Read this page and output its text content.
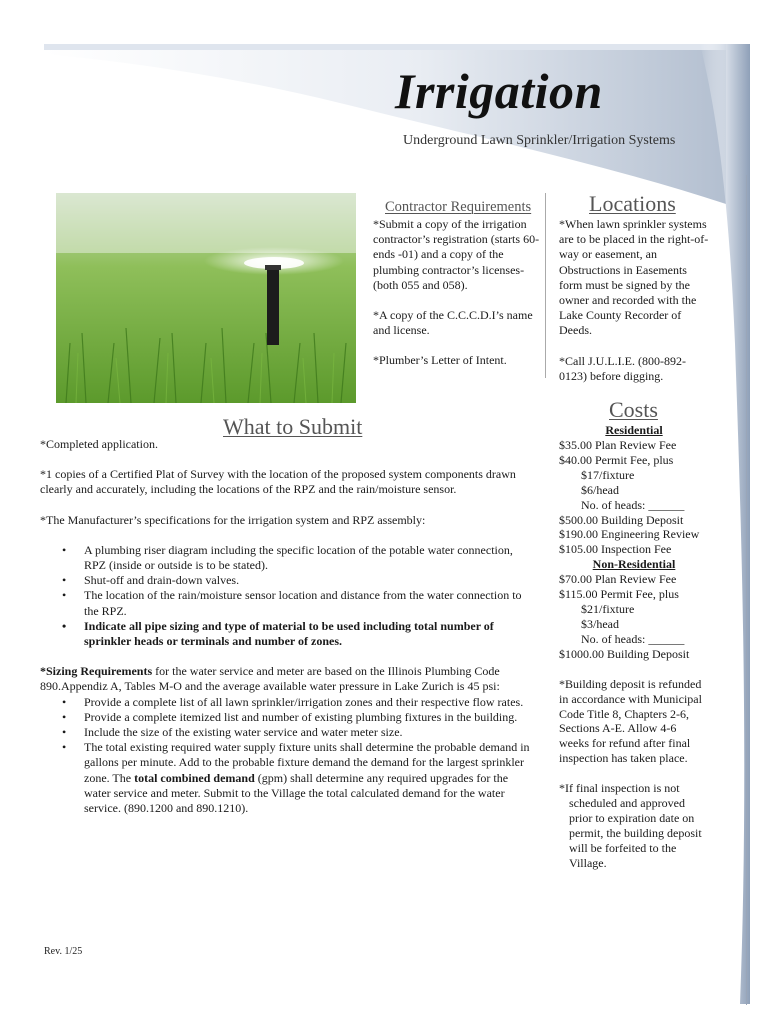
Irrigation
Underground Lawn Sprinkler/Irrigation Systems
Contractor Requirements

*Submit a copy of the irrigation contractor’s registration (starts 60- ends -01) and a copy of the plumbing contractor’s licenses- (both 055 and 058).

*A copy of the C.C.C.D.I’s name and license.

*Plumber’s Letter of Intent.

Locations

*When lawn sprinkler systems are to be placed in the right-of-way or easement, an Obstructions in Easements form must be signed by the owner and recorded with the Lake County Recorder of Deeds.

*Call J.U.L.I.E. (800-892-0123) before digging.

What to Submit

*Completed application.

*1 copies of a Certified Plat of Survey with the location of the proposed system components drawn clearly and accurately, including the locations of the RPZ and the rain/moisture sensor.

*The Manufacturer’s specifications for the irrigation system and RPZ assembly:

• A plumbing riser diagram including the specific location of the potable water connection, RPZ (inside or outside is to be stated).
• Shut-off and drain-down valves.
• The location of the rain/moisture sensor location and distance from the water connection to the RPZ.
• Indicate all pipe sizing and type of material to be used including total number of sprinkler heads or terminals and number of zones.

*Sizing Requirements for the water service and meter are based on the Illinois Plumbing Code 890.Appendiz A, Tables M-O and the average available water pressure in Lake Zurich is 45 psi:

• Provide a complete list of all lawn sprinkler/irrigation zones and their respective flow rates.
• Provide a complete itemized list and number of existing plumbing fixtures in the building.
• Include the size of the existing water service and water meter size.
• The total existing required water supply fixture units shall determine the probable demand in gallons per minute. Add to the probable fixture demand the demand for the largest sprinkler zone. The total combined demand (gpm) shall determine any required upgrades for the water service and meter. Submit to the Village the total calculated demand for the water service. (890.1200 and 890.1210).
Costs

Residential

$35.00 Plan Review Fee

$40.00 Permit Fee, plus

$17/fixture

$6/head

No. of heads: ______

$500.00 Building Deposit

$190.00 Engineering Review $105.00 Inspection Fee

Non-Residential

$70.00 Plan Review Fee

$115.00 Permit Fee, plus

$21/fixture

$3/head

No. of heads: ______

$1000.00 Building Deposit

*Building deposit is refunded in accordance with Municipal Code Title 8, Chapters 2-6, Sections A-E. Allow 4-6 weeks for refund after final inspection has taken place.

*If final inspection is not scheduled and approved prior to expiration date on permit, the building deposit will be forfeited to the Village.

Rev. 1/25
